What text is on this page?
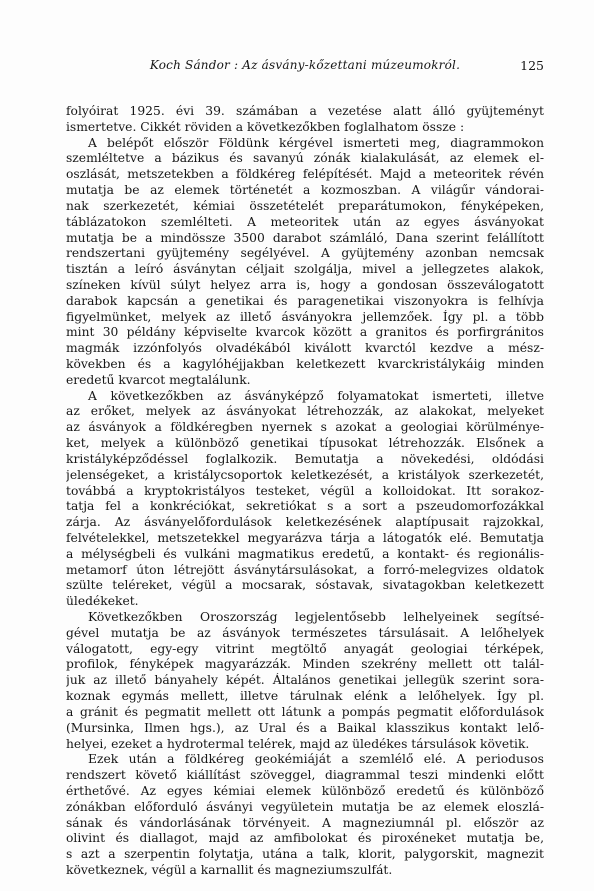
Koch Sándor : Az ásvány-kőzettani múzeumokról.	125
folyóirat 1925. évi 39. számában a vezetése alatt álló gyüjteményt
ismertetve. Cikkét röviden a következőkben foglalhatom össze :
A belépőt először Földünk kérgével ismerteti meg, diagrammokon
szemléltetve a bázikus és savanyú zónák kialakulását, az elemek el-
oszlását, metszetekben a földkéreg felépítését. Majd a meteoritek révén
mutatja be az elemek történetét a kozmoszban. A világűr vándorai-
nak szerkezetét, kémiai összetételét preparátumokon, fényképeken,
táblázatokon szemlélteti. A meteoritek után az egyes ásványokat
mutatja be a mindössze 3500 darabot számláló, Dana szerint felállított
rendszertani gyüjtemény segélyével. A gyüjtemény azonban nemcsak
tisztán a leíró ásványtan céljait szolgálja, mivel a jellegzetes alakok,
színeken kívül súlyt helyez arra is, hogy a gondosan összeválogatott
darabok kapcsán a genetikai és paragenetikai viszonyokra is felhívja
figyelmünket, melyek az illető ásványokra jellemzőek. Így pl. a több
mint 30 példány képviselte kvarcok között a granitos és porfirgránitos
magmák izzónfolyós olvadékából kiválott kvarctól kezdve a mész-
kövekben és a kagylóhéjjakban keletkezett kvarckristálykáig minden
eredetű kvarcot megtalálunk.
A következőkben az ásványképző folyamatokat ismerteti, illetve
az erőket, melyek az ásványokat létrehozzák, az alakokat, melyeket
az ásványok a földkéregben nyernek s azokat a geologiai körülménye-
ket, melyek a különböző genetikai típusokat létrehozzák. Elsőnek a
kristályképződéssel foglalkozik. Bemutatja a növekedési, oldódási
jelenségeket, a kristálycsoportok keletkezését, a kristályok szerkezetét,
továbbá a kryptokristályos testeket, végül a kolloidokat. Itt sorakoz-
tatja fel a konkréciókat, sekretiókat s a sort a pszeudomorfozákkal
zárja. Az ásványelőfordulások keletkezésének alaptípusait rajzokkal,
felvételekkel, metszetekkel megyarázva tárja a látogatók elé. Bemutatja
a mélységbeli és vulkáni magmatikus eredetű, a kontakt- és regionális-
metamorf úton létrejött ásványtársulásokat, a forró-melegvizes oldatok
szülte teléreket, végül a mocsarak, sóstavak, sivatagokban keletkezett
üledékeket.
Következőkben Oroszország legjelentősebb lelhelyeinek segítsé-
gével mutatja be az ásványok természetes társulásait. A lelőhelyek
válogatott, egy-egy vitrint megtöltő anyagát geologiai térképek,
profilok, fényképek magyarázzák. Minden szekrény mellett ott talál-
juk az illető bányahely képét. Általános genetikai jellegük szerint sora-
koznak egymás mellett, illetve tárulnak elénk a lelőhelyek. Így pl.
a gránit és pegmatit mellett ott látunk a pompás pegmatit előfordulások
(Mursinka, Ilmen hgs.), az Ural és a Baikal klasszikus kontakt lelő-
helyei, ezeket a hydrotermal telérek, majd az üledékes társulások követik.
Ezek után a földkéreg geokémiáját a szemlélő elé. A periodusos
rendszert követő kiállítást szöveggel, diagrammal teszi mindenki előtt
érthetővé. Az egyes kémiai elemek különböző eredetű és különböző
zónákban előforduló ásványi vegyületein mutatja be az elemek eloszlá-
sának és vándorlásának törvényeit. A magneziumnál pl. először az
olivint és diallagot, majd az amfibolokat és piroxéneket mutatja be,
s azt a szerpentin folytatja, utána a talk, klorit, palygorskit, magnezit
következnek, végül a karnallit és magneziumszulfát.
